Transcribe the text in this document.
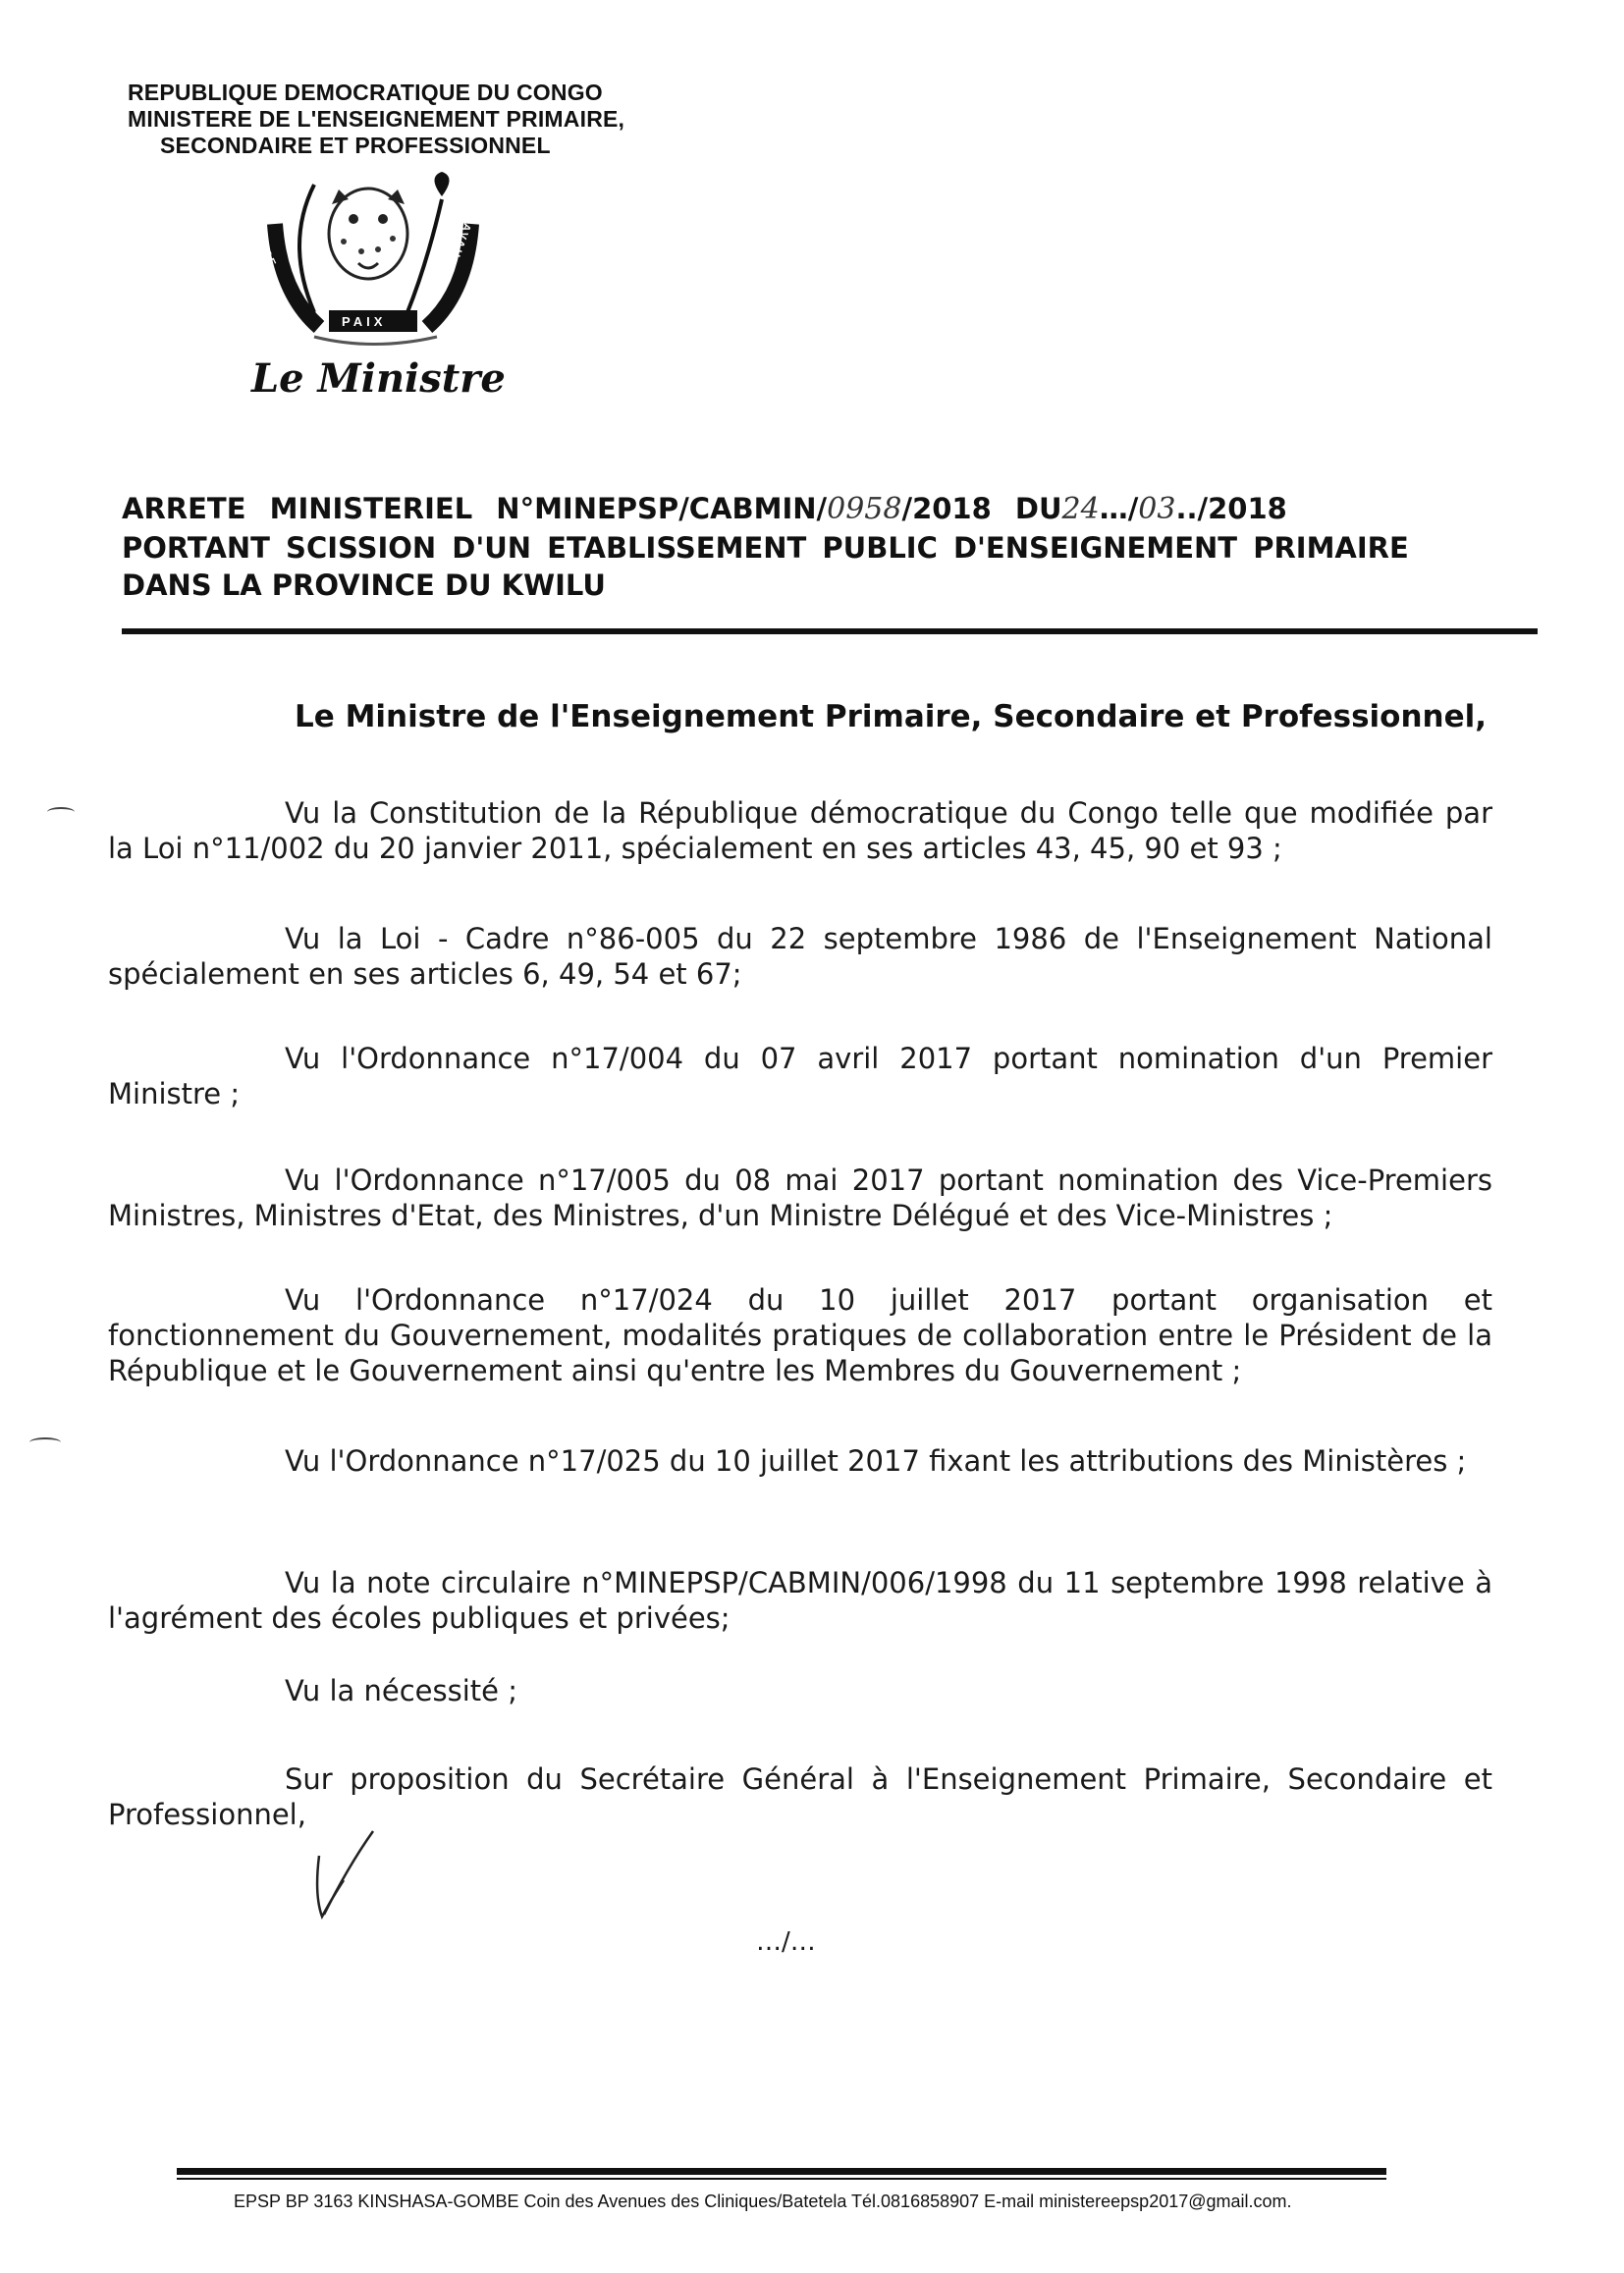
REPUBLIQUE DEMOCRATIQUE DU CONGO
MINISTERE DE L'ENSEIGNEMENT PRIMAIRE,
SECONDAIRE ET PROFESSIONNEL
JUSTICE
PAIX
TRAVAIL
Le Ministre
ARRETE MINISTERIEL N°MINEPSP/CABMIN/0958/2018 DU24…/03../2018
PORTANT SCISSION D'UN ETABLISSEMENT PUBLIC D'ENSEIGNEMENT PRIMAIRE
DANS LA PROVINCE DU KWILU
Le Ministre de l'Enseignement Primaire, Secondaire et Professionnel,
Vu la Constitution de la République démocratique du Congo telle que modifiée par la Loi n°11/002 du 20 janvier 2011, spécialement en ses articles 43, 45, 90 et 93 ;
Vu la Loi - Cadre n°86-005 du 22 septembre 1986 de l'Enseignement National spécialement en ses articles 6, 49, 54 et 67;
Vu l'Ordonnance n°17/004 du 07 avril 2017 portant nomination d'un Premier Ministre ;
Vu l'Ordonnance n°17/005 du 08 mai 2017 portant nomination des Vice-Premiers Ministres, Ministres d'Etat, des Ministres, d'un Ministre Délégué et des Vice-Ministres ;
Vu l'Ordonnance n°17/024 du 10 juillet 2017 portant organisation et fonctionnement du Gouvernement, modalités pratiques de collaboration entre le Président de la République et le Gouvernement ainsi qu'entre les Membres du Gouvernement ;
Vu l'Ordonnance n°17/025 du 10 juillet 2017 fixant les attributions des Ministères ;
Vu la note circulaire n°MINEPSP/CABMIN/006/1998 du 11 septembre 1998 relative à l'agrément des écoles publiques et privées;
Vu la nécessité ;
Sur proposition du Secrétaire Général à l'Enseignement Primaire, Secondaire et Professionnel,
…/…
EPSP BP 3163 KINSHASA-GOMBE Coin des Avenues des Cliniques/Batetela Tél.0816858907 E-mail ministereepsp2017@gmail.com.
